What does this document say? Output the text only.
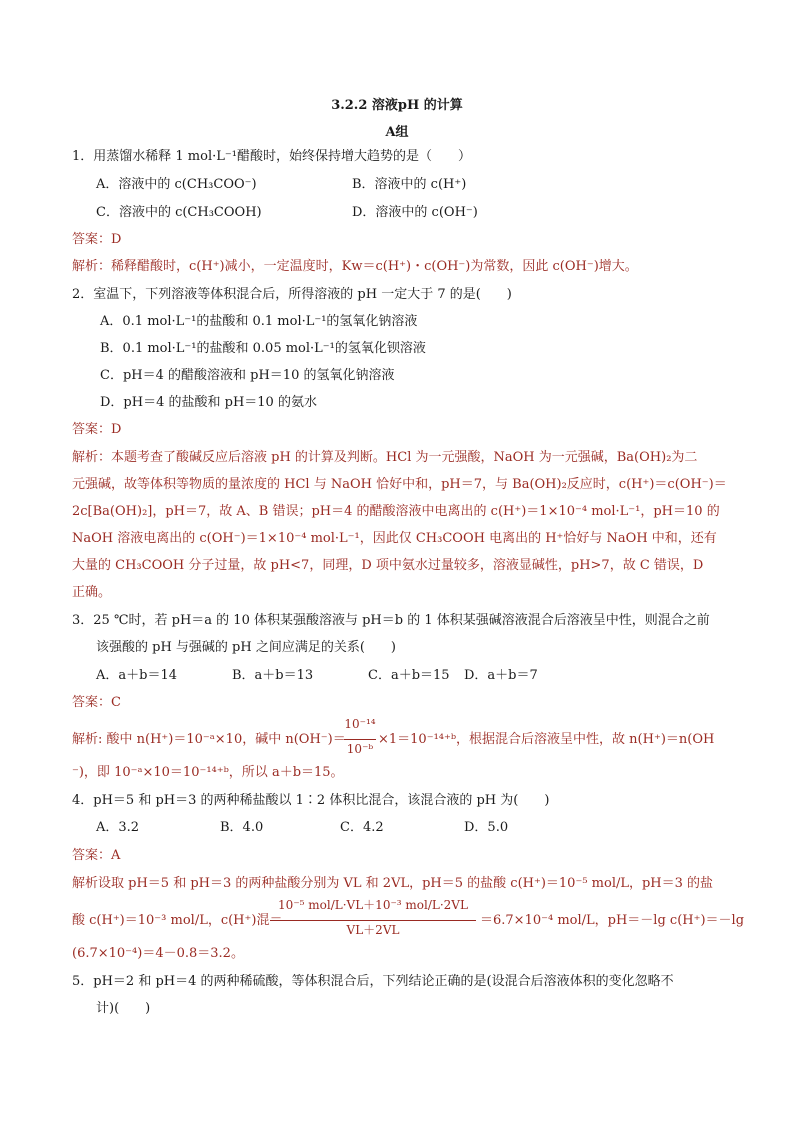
3.2.2 溶液pH 的计算
A组
1．用蒸馏水稀释 1 mol·L⁻¹醋酸时，始终保持增大趋势的是（　　）
A．溶液中的 c(CH₃COO⁻)	B．溶液中的 c(H⁺)
C．溶液中的 c(CH₃COOH)	D．溶液中的 c(OH⁻)
答案：D
解析：稀释醋酸时，c(H⁺)减小，一定温度时，Kw＝c(H⁺)・c(OH⁻)为常数，因此 c(OH⁻)增大。
2．室温下，下列溶液等体积混合后，所得溶液的 pH 一定大于 7 的是(　　)
A．0.1 mol·L⁻¹的盐酸和 0.1 mol·L⁻¹的氢氧化钠溶液
B．0.1 mol·L⁻¹的盐酸和 0.05 mol·L⁻¹的氢氧化钡溶液
C．pH＝4 的醋酸溶液和 pH＝10 的氢氧化钠溶液
D．pH＝4 的盐酸和 pH＝10 的氨水
答案：D
解析：本题考查了酸碱反应后溶液 pH 的计算及判断。HCl 为一元强酸，NaOH 为一元强碱，Ba(OH)₂为二
元强碱，故等体积等物质的量浓度的 HCl 与 NaOH 恰好中和，pH＝7，与 Ba(OH)₂反应时，c(H⁺)＝c(OH⁻)＝
2c[Ba(OH)₂]，pH＝7，故 A、B 错误；pH＝4 的醋酸溶液中电离出的 c(H⁺)＝1×10⁻⁴ mol·L⁻¹，pH＝10 的
NaOH 溶液电离出的 c(OH⁻)＝1×10⁻⁴ mol·L⁻¹，因此仅 CH₃COOH 电离出的 H⁺恰好与 NaOH 中和，还有
大量的 CH₃COOH 分子过量，故 pH<7，同理，D 项中氨水过量较多，溶液显碱性，pH>7，故 C 错误，D
正确。
3．25 ℃时，若 pH＝a 的 10 体积某强酸溶液与 pH＝b 的 1 体积某强碱溶液混合后溶液呈中性，则混合之前
该强酸的 pH 与强碱的 pH 之间应满足的关系(　　)
A．a＋b＝14	B．a＋b＝13	C．a＋b＝15 D．a＋b＝7
答案：C
解析: 酸中 n(H⁺)＝10⁻ᵃ×10，碱中 n(OH⁻)＝
10⁻¹⁴
10⁻ᵇ
×1＝10⁻¹⁴⁺ᵇ，根据混合后溶液呈中性，故 n(H⁺)＝n(OH
⁻)，即 10⁻ᵃ×10＝10⁻¹⁴⁺ᵇ，所以 a＋b＝15。
4．pH＝5 和 pH＝3 的两种稀盐酸以 1∶2 体积比混合，该混合液的 pH 为(　　)
A．3.2	B．4.0	C．4.2	D．5.0
答案：A
解析设取 pH＝5 和 pH＝3 的两种盐酸分别为 VL 和 2VL，pH＝5 的盐酸 c(H⁺)＝10⁻⁵ mol/L，pH＝3 的盐
酸 c(H⁺)＝10⁻³ mol/L，c(H⁺)混＝
10⁻⁵ mol/L·VL＋10⁻³ mol/L·2VL
VL＋2VL
＝6.7×10⁻⁴ mol/L，pH＝－lg c(H⁺)＝－lg
(6.7×10⁻⁴)＝4－0.8＝3.2。
5．pH＝2 和 pH＝4 的两种稀硫酸，等体积混合后，下列结论正确的是(设混合后溶液体积的变化忽略不
计)(　　)
